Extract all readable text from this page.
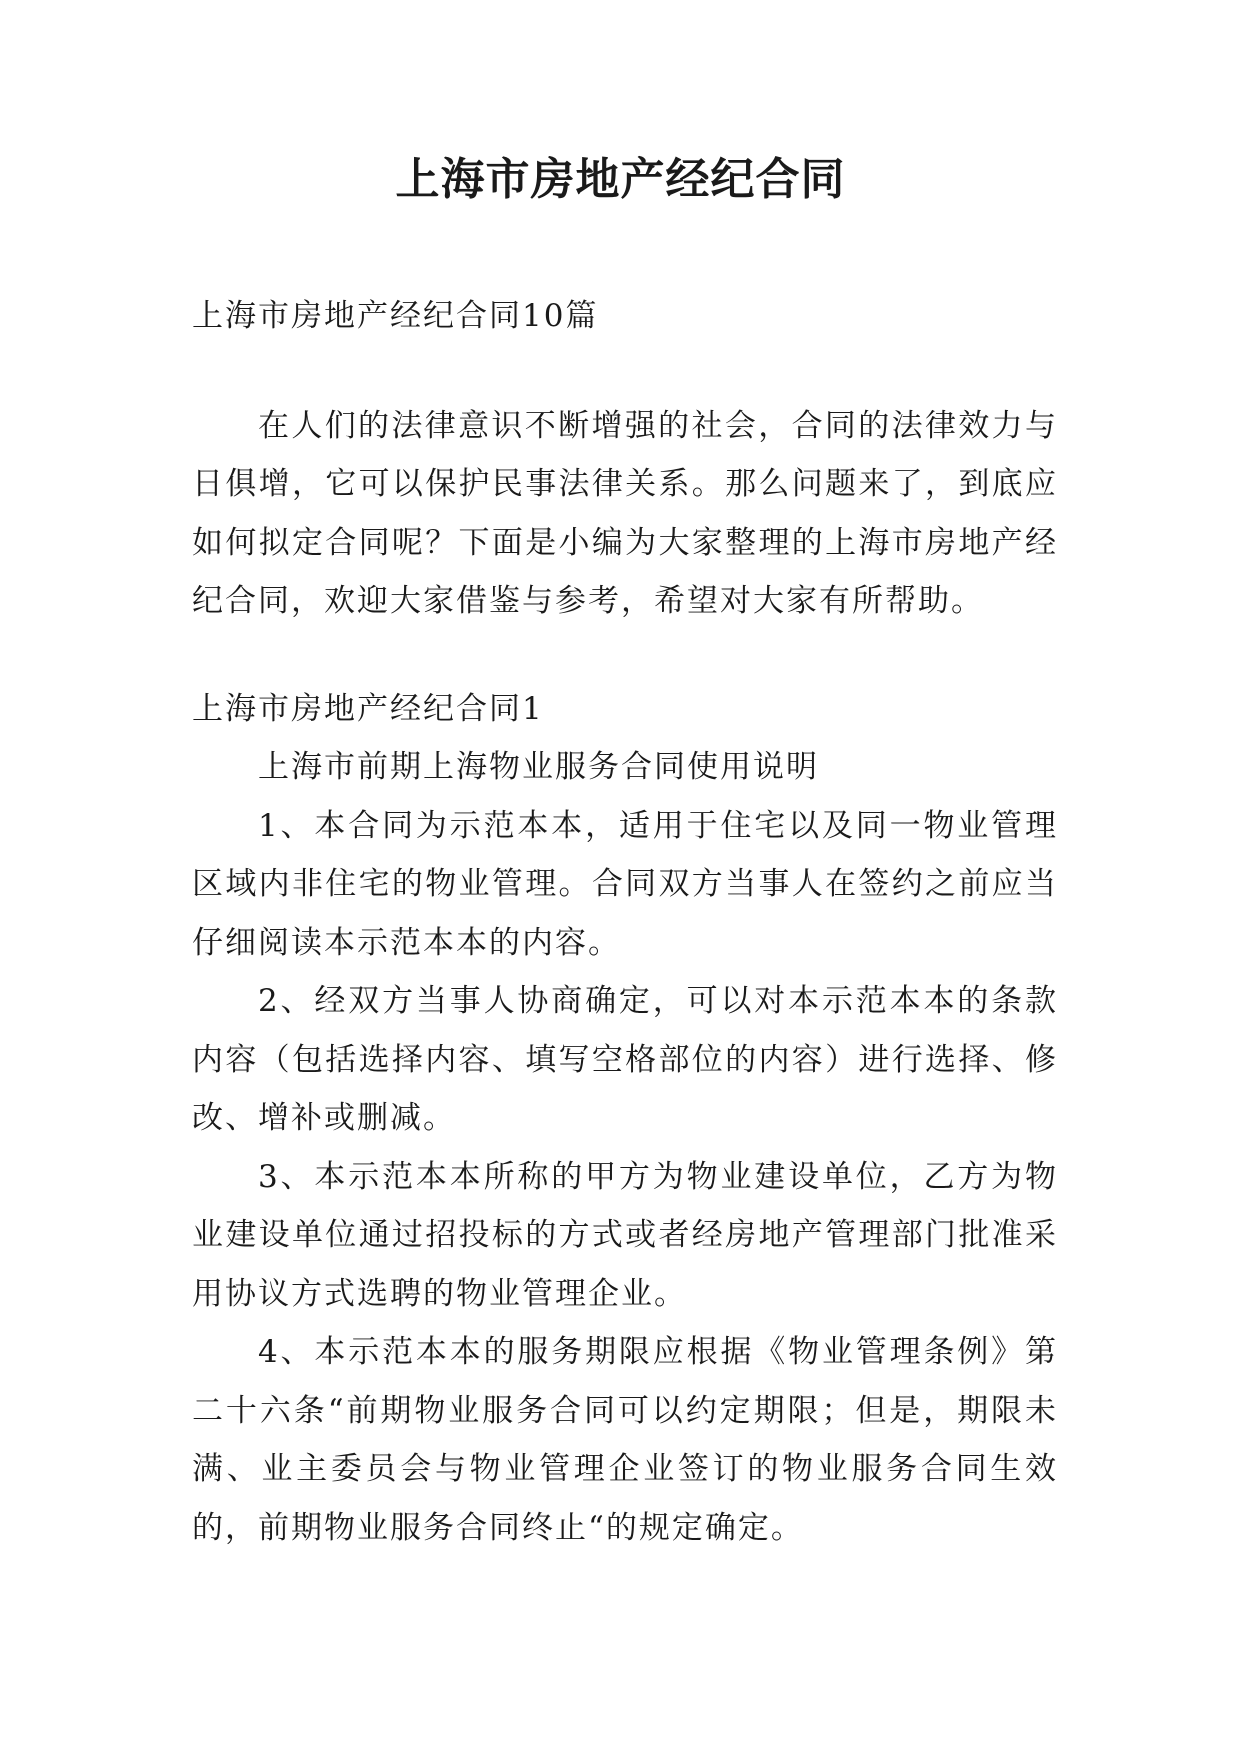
上海市房地产经纪合同

上海市房地产经纪合同10篇

在人们的法律意识不断增强的社会，合同的法律效力与日俱增，它可以保护民事法律关系。那么问题来了，到底应如何拟定合同呢？下面是小编为大家整理的上海市房地产经纪合同，欢迎大家借鉴与参考，希望对大家有所帮助。

上海市房地产经纪合同1

上海市前期上海物业服务合同使用说明

1、本合同为示范本本，适用于住宅以及同一物业管理区域内非住宅的物业管理。合同双方当事人在签约之前应当仔细阅读本示范本本的内容。

2、经双方当事人协商确定，可以对本示范本本的条款内容（包括选择内容、填写空格部位的内容）进行选择、修改、增补或删减。

3、本示范本本所称的甲方为物业建设单位，乙方为物业建设单位通过招投标的方式或者经房地产管理部门批准采用协议方式选聘的物业管理企业。

4、本示范本本的服务期限应根据《物业管理条例》第二十六条“前期物业服务合同可以约定期限；但是，期限未满、业主委员会与物业管理企业签订的物业服务合同生效的，前期物业服务合同终止“的规定确定。
